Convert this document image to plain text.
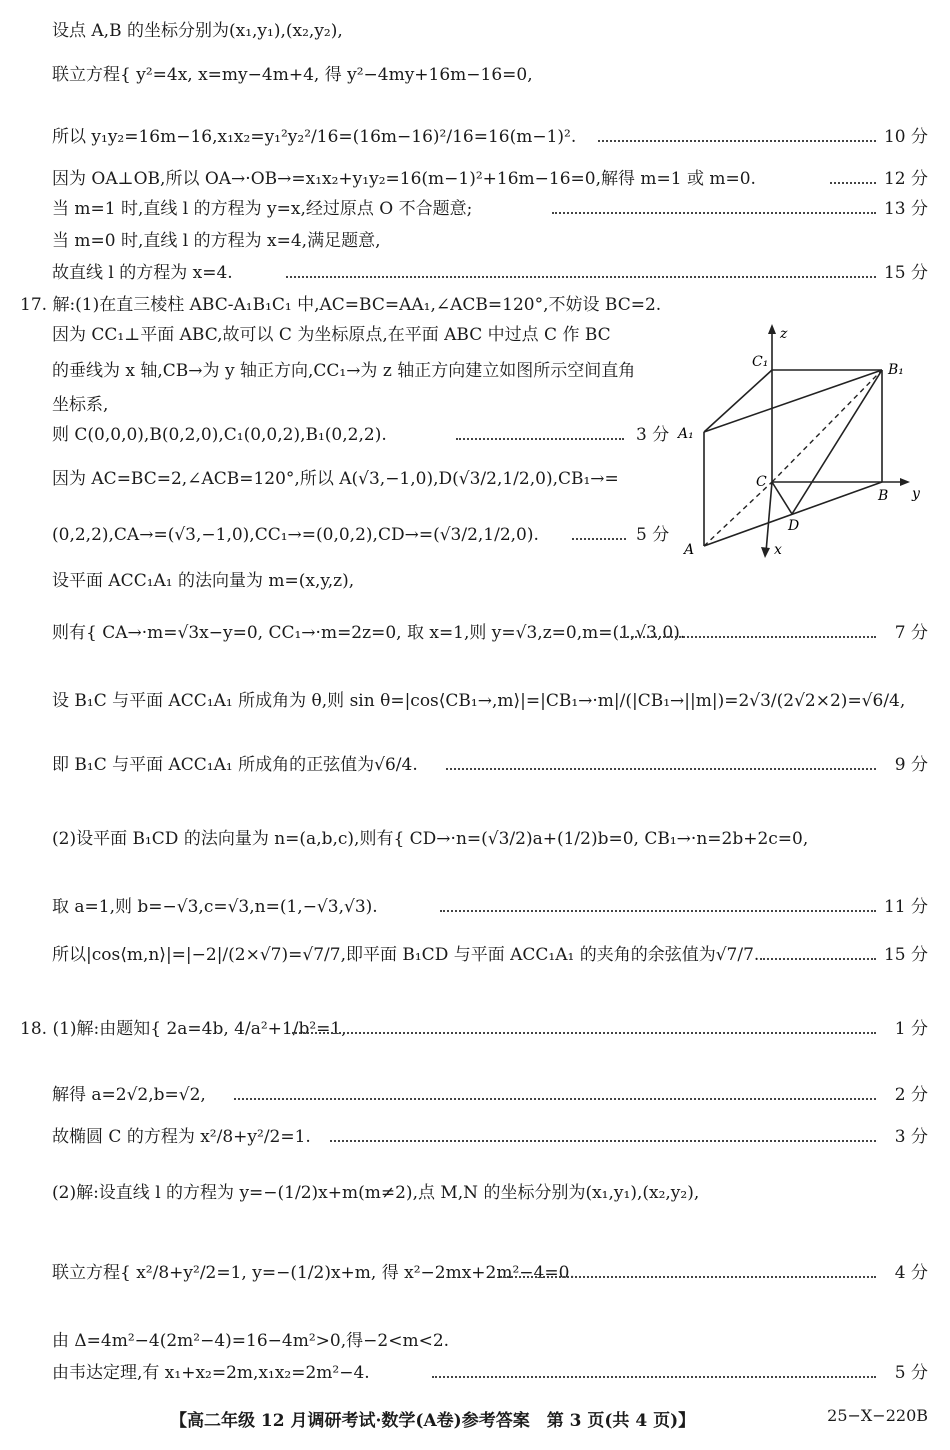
设点 A,B 的坐标分别为(x₁,y₁),(x₂,y₂),
联立方程{ y²=4x, x=my−4m+4, 得 y²−4my+16m−16=0,
所以 y₁y₂=16m−16,x₁x₂=y₁²y₂²/16=(16m−16)²/16=16(m−1)².	10 分
因为 OA⊥OB,所以 OA→·OB→=x₁x₂+y₁y₂=16(m−1)²+16m−16=0,解得 m=1 或 m=0.	12 分
当 m=1 时,直线 l 的方程为 y=x,经过原点 O 不合题意;	13 分
当 m=0 时,直线 l 的方程为 x=4,满足题意,
故直线 l 的方程为 x=4.	15 分
17. 解:(1)在直三棱柱 ABC-A₁B₁C₁ 中,AC=BC=AA₁,∠ACB=120°,不妨设 BC=2.
因为 CC₁⊥平面 ABC,故可以 C 为坐标原点,在平面 ABC 中过点 C 作 BC
的垂线为 x 轴,CB→为 y 轴正方向,CC₁→为 z 轴正方向建立如图所示空间直角
坐标系,
则 C(0,0,0),B(0,2,0),C₁(0,0,2),B₁(0,2,2).	3 分
因为 AC=BC=2,∠ACB=120°,所以 A(√3,−1,0),D(√3/2,1/2,0),CB₁→=
(0,2,2),CA→=(√3,−1,0),CC₁→=(0,0,2),CD→=(√3/2,1/2,0).	5 分
z
C₁	B₁
A₁
C
B y
D
A	x
设平面 ACC₁A₁ 的法向量为 m=(x,y,z),
则有{ CA→·m=√3x−y=0, CC₁→·m=2z=0, 取 x=1,则 y=√3,z=0,m=(1,√3,0).	7 分
设 B₁C 与平面 ACC₁A₁ 所成角为 θ,则 sin θ=|cos⟨CB₁→,m⟩|=|CB₁→·m|/(|CB₁→||m|)=2√3/(2√2×2)=√6/4,
即 B₁C 与平面 ACC₁A₁ 所成角的正弦值为√6/4.	9 分
(2)设平面 B₁CD 的法向量为 n=(a,b,c),则有{ CD→·n=(√3/2)a+(1/2)b=0, CB₁→·n=2b+2c=0,
取 a=1,则 b=−√3,c=√3,n=(1,−√3,√3).	11 分
所以|cos⟨m,n⟩|=|−2|/(2×√7)=√7/7,即平面 B₁CD 与平面 ACC₁A₁ 的夹角的余弦值为√7/7.	15 分
18. (1)解:由题知{ 2a=4b, 4/a²+1/b²=1,	1 分
解得 a=2√2,b=√2,	2 分
故椭圆 C 的方程为 x²/8+y²/2=1.	3 分
(2)解:设直线 l 的方程为 y=−(1/2)x+m(m≠2),点 M,N 的坐标分别为(x₁,y₁),(x₂,y₂),
联立方程{ x²/8+y²/2=1, y=−(1/2)x+m, 得 x²−2mx+2m²−4=0.	4 分
由 Δ=4m²−4(2m²−4)=16−4m²>0,得−2<m<2.
由韦达定理,有 x₁+x₂=2m,x₁x₂=2m²−4.	5 分
【高二年级 12 月调研考试·数学(A卷)参考答案　第 3 页(共 4 页)】	25−X−220B
